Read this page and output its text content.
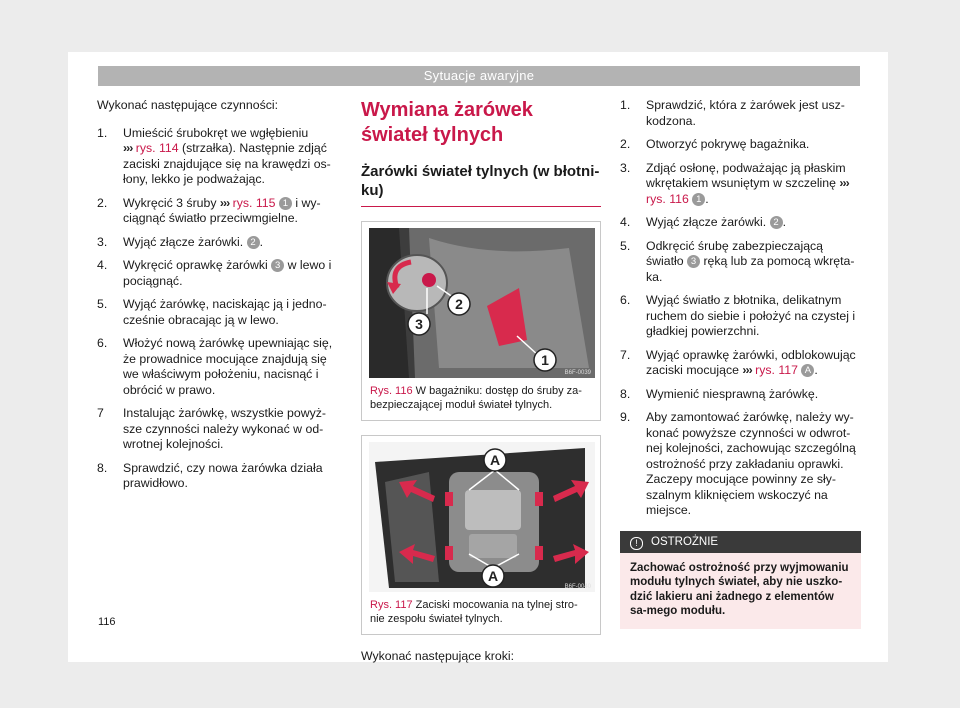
Sytuacje awaryjne

Wykonać następujące czynności:

1. Umieścić śrubokręt we wgłębieniu
››› rys. 114 (strzałka). Następnie zdjąć zaciski znajdujące się na krawędzi os-łony, lekko je podważając.
2. Wykręcić 3 śruby ››› rys. 115 1 i wy-ciągnąć światło przeciwmgielne.
3. Wyjąć złącze żarówki. 2 .
4. Wykręcić oprawkę żarówki 3 w lewo i pociągnąć.
5. Wyjąć żarówkę, naciskając ją i jedno-cześnie obracając ją w lewo.
6. Włożyć nową żarówkę upewniając się, że prowadnice mocujące znajdują się we właściwym położeniu, nacisnąć i obrócić w prawo.
7 Instalując żarówkę, wszystkie powyż-sze czynności należy wykonać w od-wrotnej kolejności.
8. Sprawdzić, czy nowa żarówka działa prawidłowo.
Wymiana żarówek świateł tylnych
Żarówki świateł tylnych (w błotni-ku)
2
3
1
B6F-0039
Rys. 116 W bagażniku: dostęp do śruby za-bezpieczającej moduł świateł tylnych.
A
A
B6F-0040
Rys. 117 Zaciski mocowania na tylnej stro-nie zespołu świateł tylnych.

Wykonać następujące kroki:

1. Sprawdzić, która z żarówek jest usz-kodzona.
2. Otworzyć pokrywę bagażnika.
3. Zdjąć osłonę, podważając ją płaskim wkrętakiem wsuniętym w szczelinę ››› rys. 116 1 .
4. Wyjąć złącze żarówki. 2 .
5. Odkręcić śrubę zabezpieczającą światło 3 ręką lub za pomocą wkręta-ka.
6. Wyjąć światło z błotnika, delikatnym ruchem do siebie i położyć na czystej i gładkiej powierzchni.
7. Wyjąć oprawkę żarówki, odblokowując zaciski mocujące ››› rys. 117 A .
8. Wymienić niesprawną żarówkę.
9. Aby zamontować żarówkę, należy wy-konać powyższe czynności w odwrot-nej kolejności, zachowując szczególną ostrożność przy zakładaniu oprawki. Zaczepy mocujące powinny ze sły-szalnym kliknięciem wskoczyć na miejsce.
! OSTROŻNIE
Zachować ostrożność przy wyjmowaniu modułu tylnych świateł, aby nie uszko-dzić lakieru ani żadnego z elementów sa-mego modułu.
116
